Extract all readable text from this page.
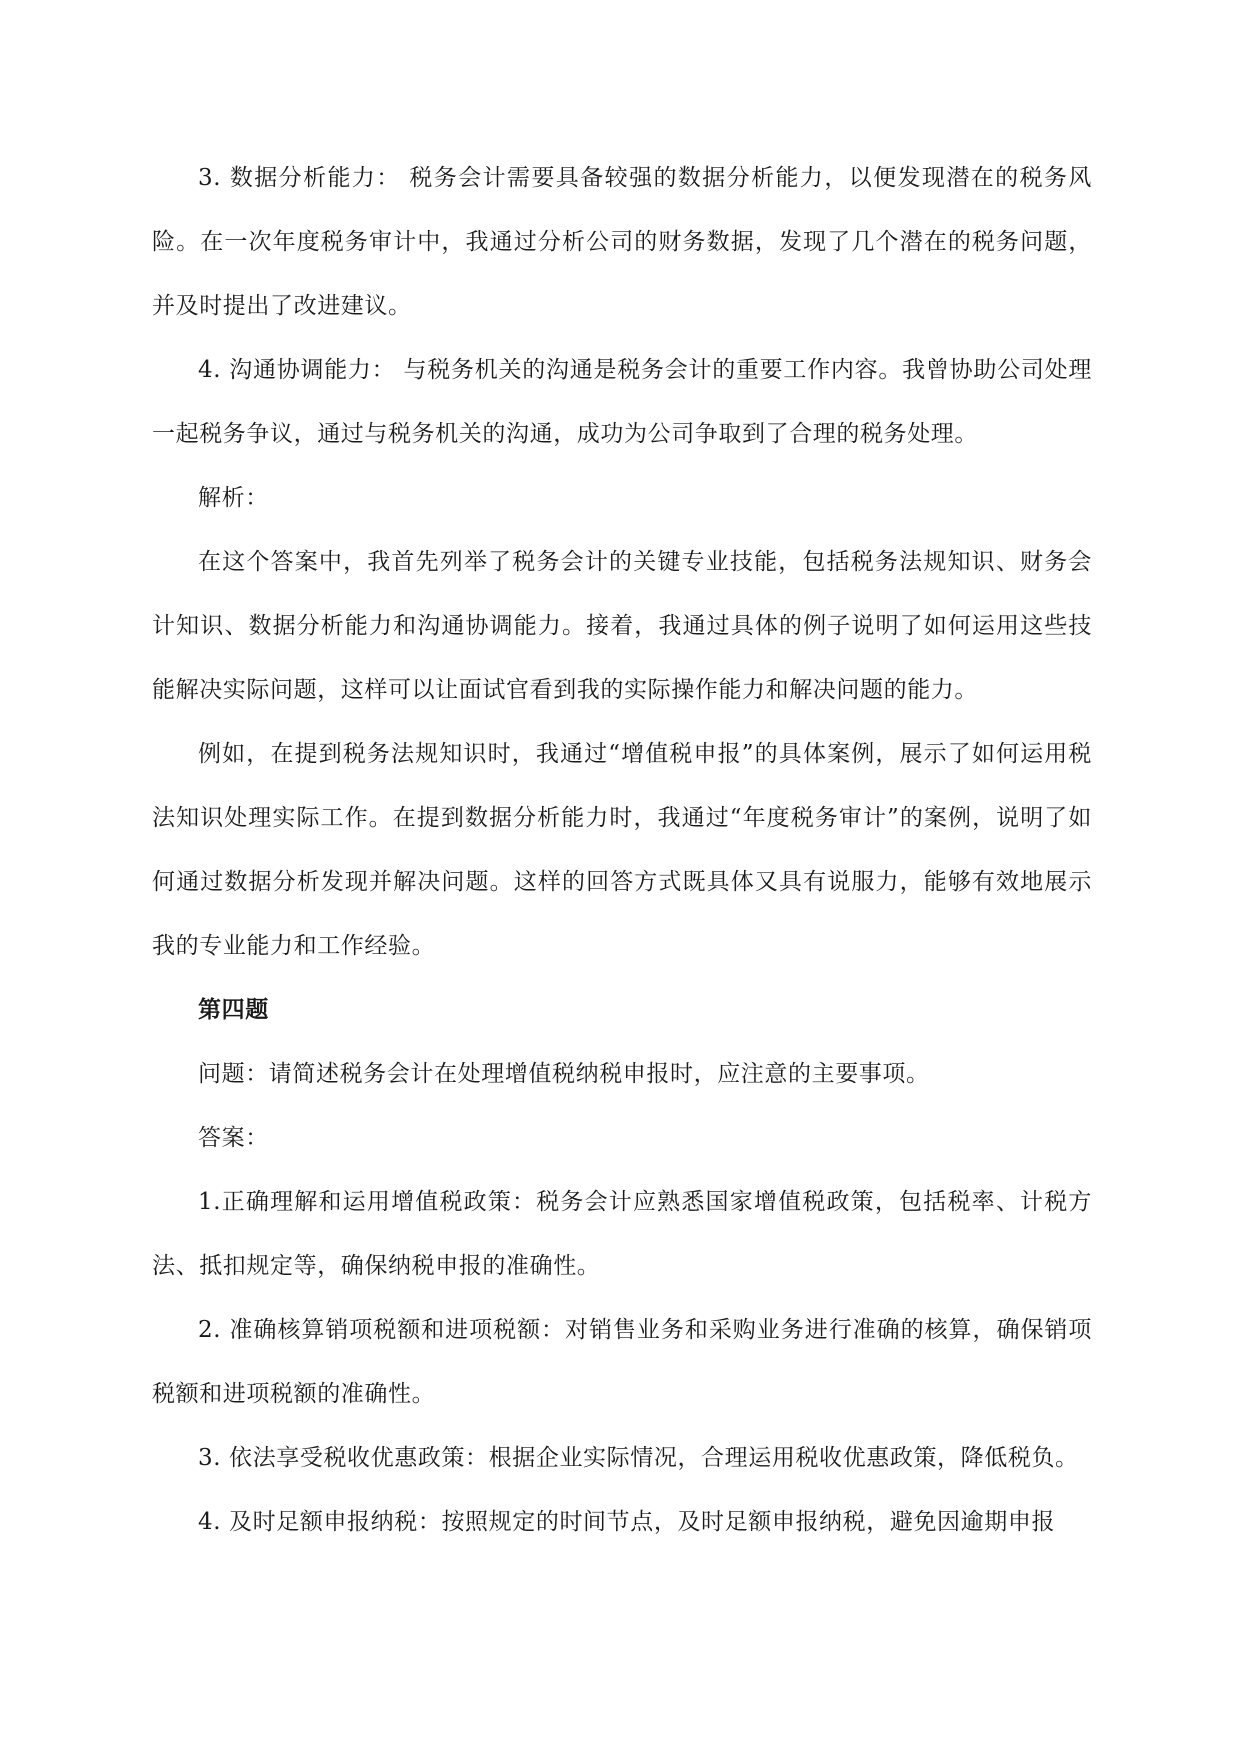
3. 数据分析能力： 税务会计需要具备较强的数据分析能力，以便发现潜在的税务风险。在一次年度税务审计中，我通过分析公司的财务数据，发现了几个潜在的税务问题，并及时提出了改进建议。

4. 沟通协调能力： 与税务机关的沟通是税务会计的重要工作内容。我曾协助公司处理一起税务争议，通过与税务机关的沟通，成功为公司争取到了合理的税务处理。

解析：

在这个答案中，我首先列举了税务会计的关键专业技能，包括税务法规知识、财务会计知识、数据分析能力和沟通协调能力。接着，我通过具体的例子说明了如何运用这些技能解决实际问题，这样可以让面试官看到我的实际操作能力和解决问题的能力。

例如，在提到税务法规知识时，我通过“增值税申报”的具体案例，展示了如何运用税法知识处理实际工作。在提到数据分析能力时，我通过“年度税务审计”的案例，说明了如何通过数据分析发现并解决问题。这样的回答方式既具体又具有说服力，能够有效地展示我的专业能力和工作经验。

第四题

问题：请简述税务会计在处理增值税纳税申报时，应注意的主要事项。

答案：

1.正确理解和运用增值税政策：税务会计应熟悉国家增值税政策，包括税率、计税方法、抵扣规定等，确保纳税申报的准确性。

2. 准确核算销项税额和进项税额：对销售业务和采购业务进行准确的核算，确保销项税额和进项税额的准确性。

3. 依法享受税收优惠政策：根据企业实际情况，合理运用税收优惠政策，降低税负。

4. 及时足额申报纳税：按照规定的时间节点，及时足额申报纳税，避免因逾期申报
